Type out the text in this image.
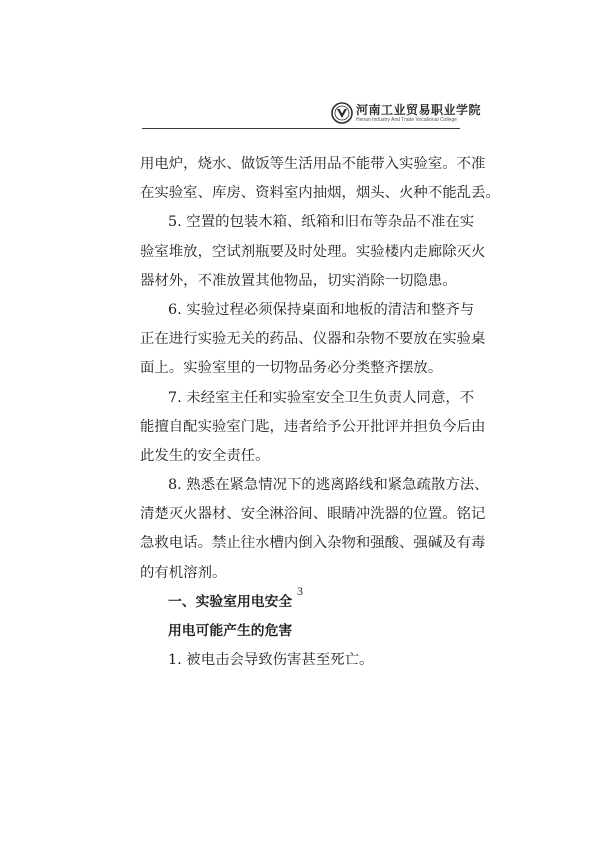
河南工业贸易职业学院
Henan Industry And Trade Vocational College
用电炉，烧水、做饭等生活用品不能带入实验室。不准
在实验室、库房、资料室内抽烟，烟头、火种不能乱丢。
5. 空置的包装木箱、纸箱和旧布等杂品不准在实
验室堆放，空试剂瓶要及时处理。实验楼内走廊除灭火
器材外，不准放置其他物品，切实消除一切隐患。
6. 实验过程必须保持桌面和地板的清洁和整齐与
正在进行实验无关的药品、仪器和杂物不要放在实验桌
面上。实验室里的一切物品务必分类整齐摆放。
7. 未经室主任和实验室安全卫生负责人同意，不
能擅自配实验室门匙，违者给予公开批评并担负今后由
此发生的安全责任。
8. 熟悉在紧急情况下的逃离路线和紧急疏散方法、
清楚灭火器材、安全淋浴间、眼睛冲洗器的位置。铭记
急救电话。禁止往水槽内倒入杂物和强酸、强碱及有毒
的有机溶剂。
一、实验室用电安全
用电可能产生的危害
1. 被电击会导致伤害甚至死亡。
3
